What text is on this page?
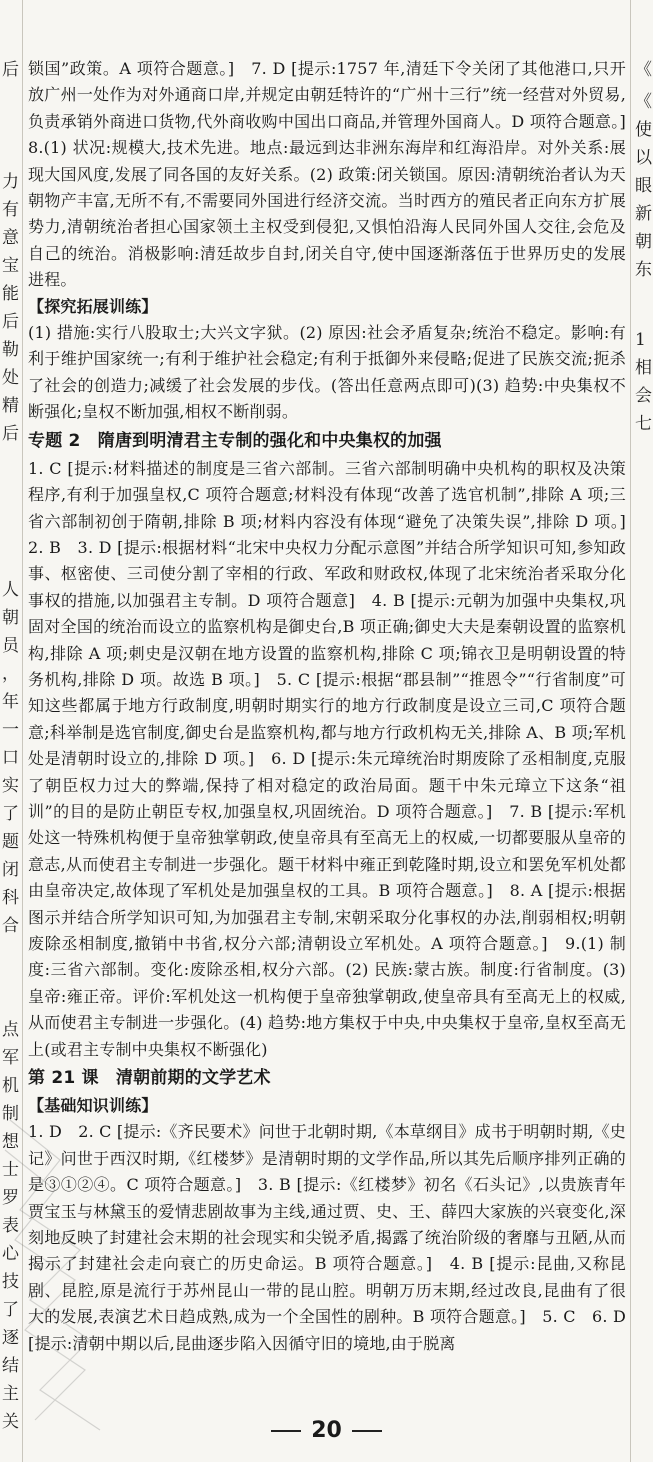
后
力
有
意
宝
能
后
勒
处
精
后
人
朝
员
，
年
一
口
实
了
题
闭
科
合
点
军
机
制
想
士
罗
表
心
技
了
逐
结
主
关
《
《
使
以
眼
新
朝
东
1
相
会
七

锁国”政策。A 项符合题意。]　7. D [提示:1757 年,清廷下令关闭了其他港口,只开放广州一处作为对外通商口岸,并规定由朝廷特许的“广州十三行”统一经营对外贸易,负责承销外商进口货物,代外商收购中国出口商品,并管理外国商人。D 项符合题意。]　8.(1) 状况:规模大,技术先进。地点:最远到达非洲东海岸和红海沿岸。对外关系:展现大国风度,发展了同各国的友好关系。(2) 政策:闭关锁国。原因:清朝统治者认为天朝物产丰富,无所不有,不需要同外国进行经济交流。当时西方的殖民者正向东方扩展势力,清朝统治者担心国家领土主权受到侵犯,又惧怕沿海人民同外国人交往,会危及自己的统治。消极影响:清廷故步自封,闭关自守,使中国逐渐落伍于世界历史的发展进程。

【探究拓展训练】

(1) 措施:实行八股取士;大兴文字狱。(2) 原因:社会矛盾复杂;统治不稳定。影响:有利于维护国家统一;有利于维护社会稳定;有利于抵御外来侵略;促进了民族交流;扼杀了社会的创造力;减缓了社会发展的步伐。(答出任意两点即可)(3) 趋势:中央集权不断强化;皇权不断加强,相权不断削弱。

专题 2　隋唐到明清君主专制的强化和中央集权的加强

1. C [提示:材料描述的制度是三省六部制。三省六部制明确中央机构的职权及决策程序,有利于加强皇权,C 项符合题意;材料没有体现“改善了选官机制”,排除 A 项;三省六部制初创于隋朝,排除 B 项;材料内容没有体现“避免了决策失误”,排除 D 项。]　2. B　3. D [提示:根据材料“北宋中央权力分配示意图”并结合所学知识可知,参知政事、枢密使、三司使分割了宰相的行政、军政和财政权,体现了北宋统治者采取分化事权的措施,以加强君主专制。D 项符合题意]　4. B [提示:元朝为加强中央集权,巩固对全国的统治而设立的监察机构是御史台,B 项正确;御史大夫是秦朝设置的监察机构,排除 A 项;刺史是汉朝在地方设置的监察机构,排除 C 项;锦衣卫是明朝设置的特务机构,排除 D 项。故选 B 项。]　5. C [提示:根据“郡县制”“推恩令”“行省制度”可知这些都属于地方行政制度,明朝时期实行的地方行政制度是设立三司,C 项符合题意;科举制是选官制度,御史台是监察机构,都与地方行政机构无关,排除 A、B 项;军机处是清朝时设立的,排除 D 项。]　6. D [提示:朱元璋统治时期废除了丞相制度,克服了朝臣权力过大的弊端,保持了相对稳定的政治局面。题干中朱元璋立下这条“祖训”的目的是防止朝臣专权,加强皇权,巩固统治。D 项符合题意。]　7. B [提示:军机处这一特殊机构便于皇帝独掌朝政,使皇帝具有至高无上的权威,一切都要服从皇帝的意志,从而使君主专制进一步强化。题干材料中雍正到乾隆时期,设立和罢免军机处都由皇帝决定,故体现了军机处是加强皇权的工具。B 项符合题意。]　8. A [提示:根据图示并结合所学知识可知,为加强君主专制,宋朝采取分化事权的办法,削弱相权;明朝废除丞相制度,撤销中书省,权分六部;清朝设立军机处。A 项符合题意。]　9.(1) 制度:三省六部制。变化:废除丞相,权分六部。(2) 民族:蒙古族。制度:行省制度。(3) 皇帝:雍正帝。评价:军机处这一机构便于皇帝独掌朝政,使皇帝具有至高无上的权威,从而使君主专制进一步强化。(4) 趋势:地方集权于中央,中央集权于皇帝,皇权至高无上(或君主专制中央集权不断强化)

第 21 课　清朝前期的文学艺术

【基础知识训练】

1. D　2. C [提示:《齐民要术》问世于北朝时期,《本草纲目》成书于明朝时期,《史记》问世于西汉时期,《红楼梦》是清朝时期的文学作品,所以其先后顺序排列正确的是③①②④。C 项符合题意。]　3. B [提示:《红楼梦》初名《石头记》,以贵族青年贾宝玉与林黛玉的爱情悲剧故事为主线,通过贾、史、王、薛四大家族的兴衰变化,深刻地反映了封建社会末期的社会现实和尖锐矛盾,揭露了统治阶级的奢靡与丑陋,从而揭示了封建社会走向衰亡的历史命运。B 项符合题意。]　4. B [提示:昆曲,又称昆剧、昆腔,原是流行于苏州昆山一带的昆山腔。明朝万历末期,经过改良,昆曲有了很大的发展,表演艺术日趋成熟,成为一个全国性的剧种。B 项符合题意。]　5. C　6. D [提示:清朝中期以后,昆曲逐步陷入因循守旧的境地,由于脱离

20
